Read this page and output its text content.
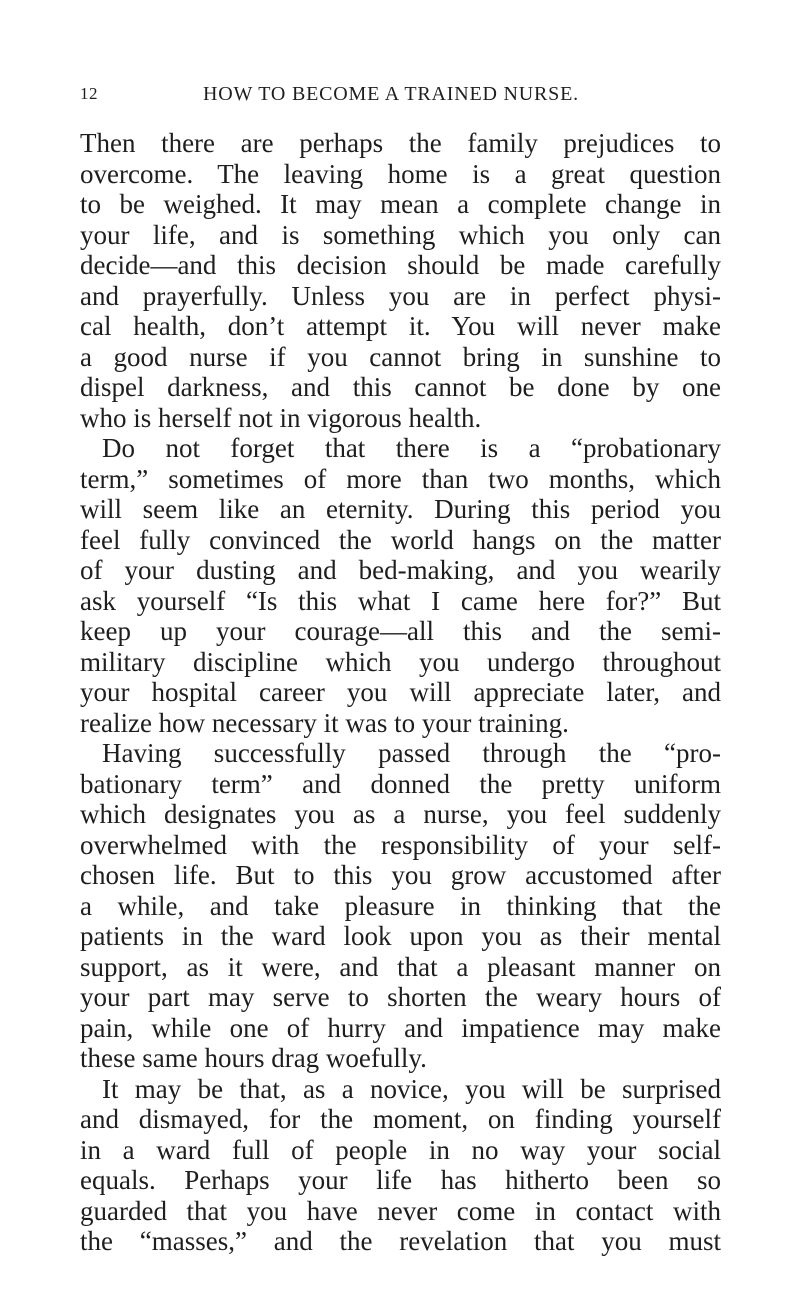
12	HOW TO BECOME A TRAINED NURSE.
Then there are perhaps the family prejudices to
overcome. The leaving home is a great question
to be weighed. It may mean a complete change in
your life, and is something which you only can
decide—and this decision should be made carefully
and prayerfully. Unless you are in perfect physi-
cal health, don’t attempt it. You will never make
a good nurse if you cannot bring in sunshine to
dispel darkness, and this cannot be done by one
who is herself not in vigorous health.
Do not forget that there is a “probationary
term,” sometimes of more than two months, which
will seem like an eternity. During this period you
feel fully convinced the world hangs on the matter
of your dusting and bed-making, and you wearily
ask yourself “Is this what I came here for?” But
keep up your courage—all this and the semi-
military discipline which you undergo throughout
your hospital career you will appreciate later, and
realize how necessary it was to your training.
Having successfully passed through the “pro-
bationary term” and donned the pretty uniform
which designates you as a nurse, you feel suddenly
overwhelmed with the responsibility of your self-
chosen life. But to this you grow accustomed after
a while, and take pleasure in thinking that the
patients in the ward look upon you as their mental
support, as it were, and that a pleasant manner on
your part may serve to shorten the weary hours of
pain, while one of hurry and impatience may make
these same hours drag woefully.
It may be that, as a novice, you will be surprised
and dismayed, for the moment, on finding yourself
in a ward full of people in no way your social
equals. Perhaps your life has hitherto been so
guarded that you have never come in contact with
the “masses,” and the revelation that you must
